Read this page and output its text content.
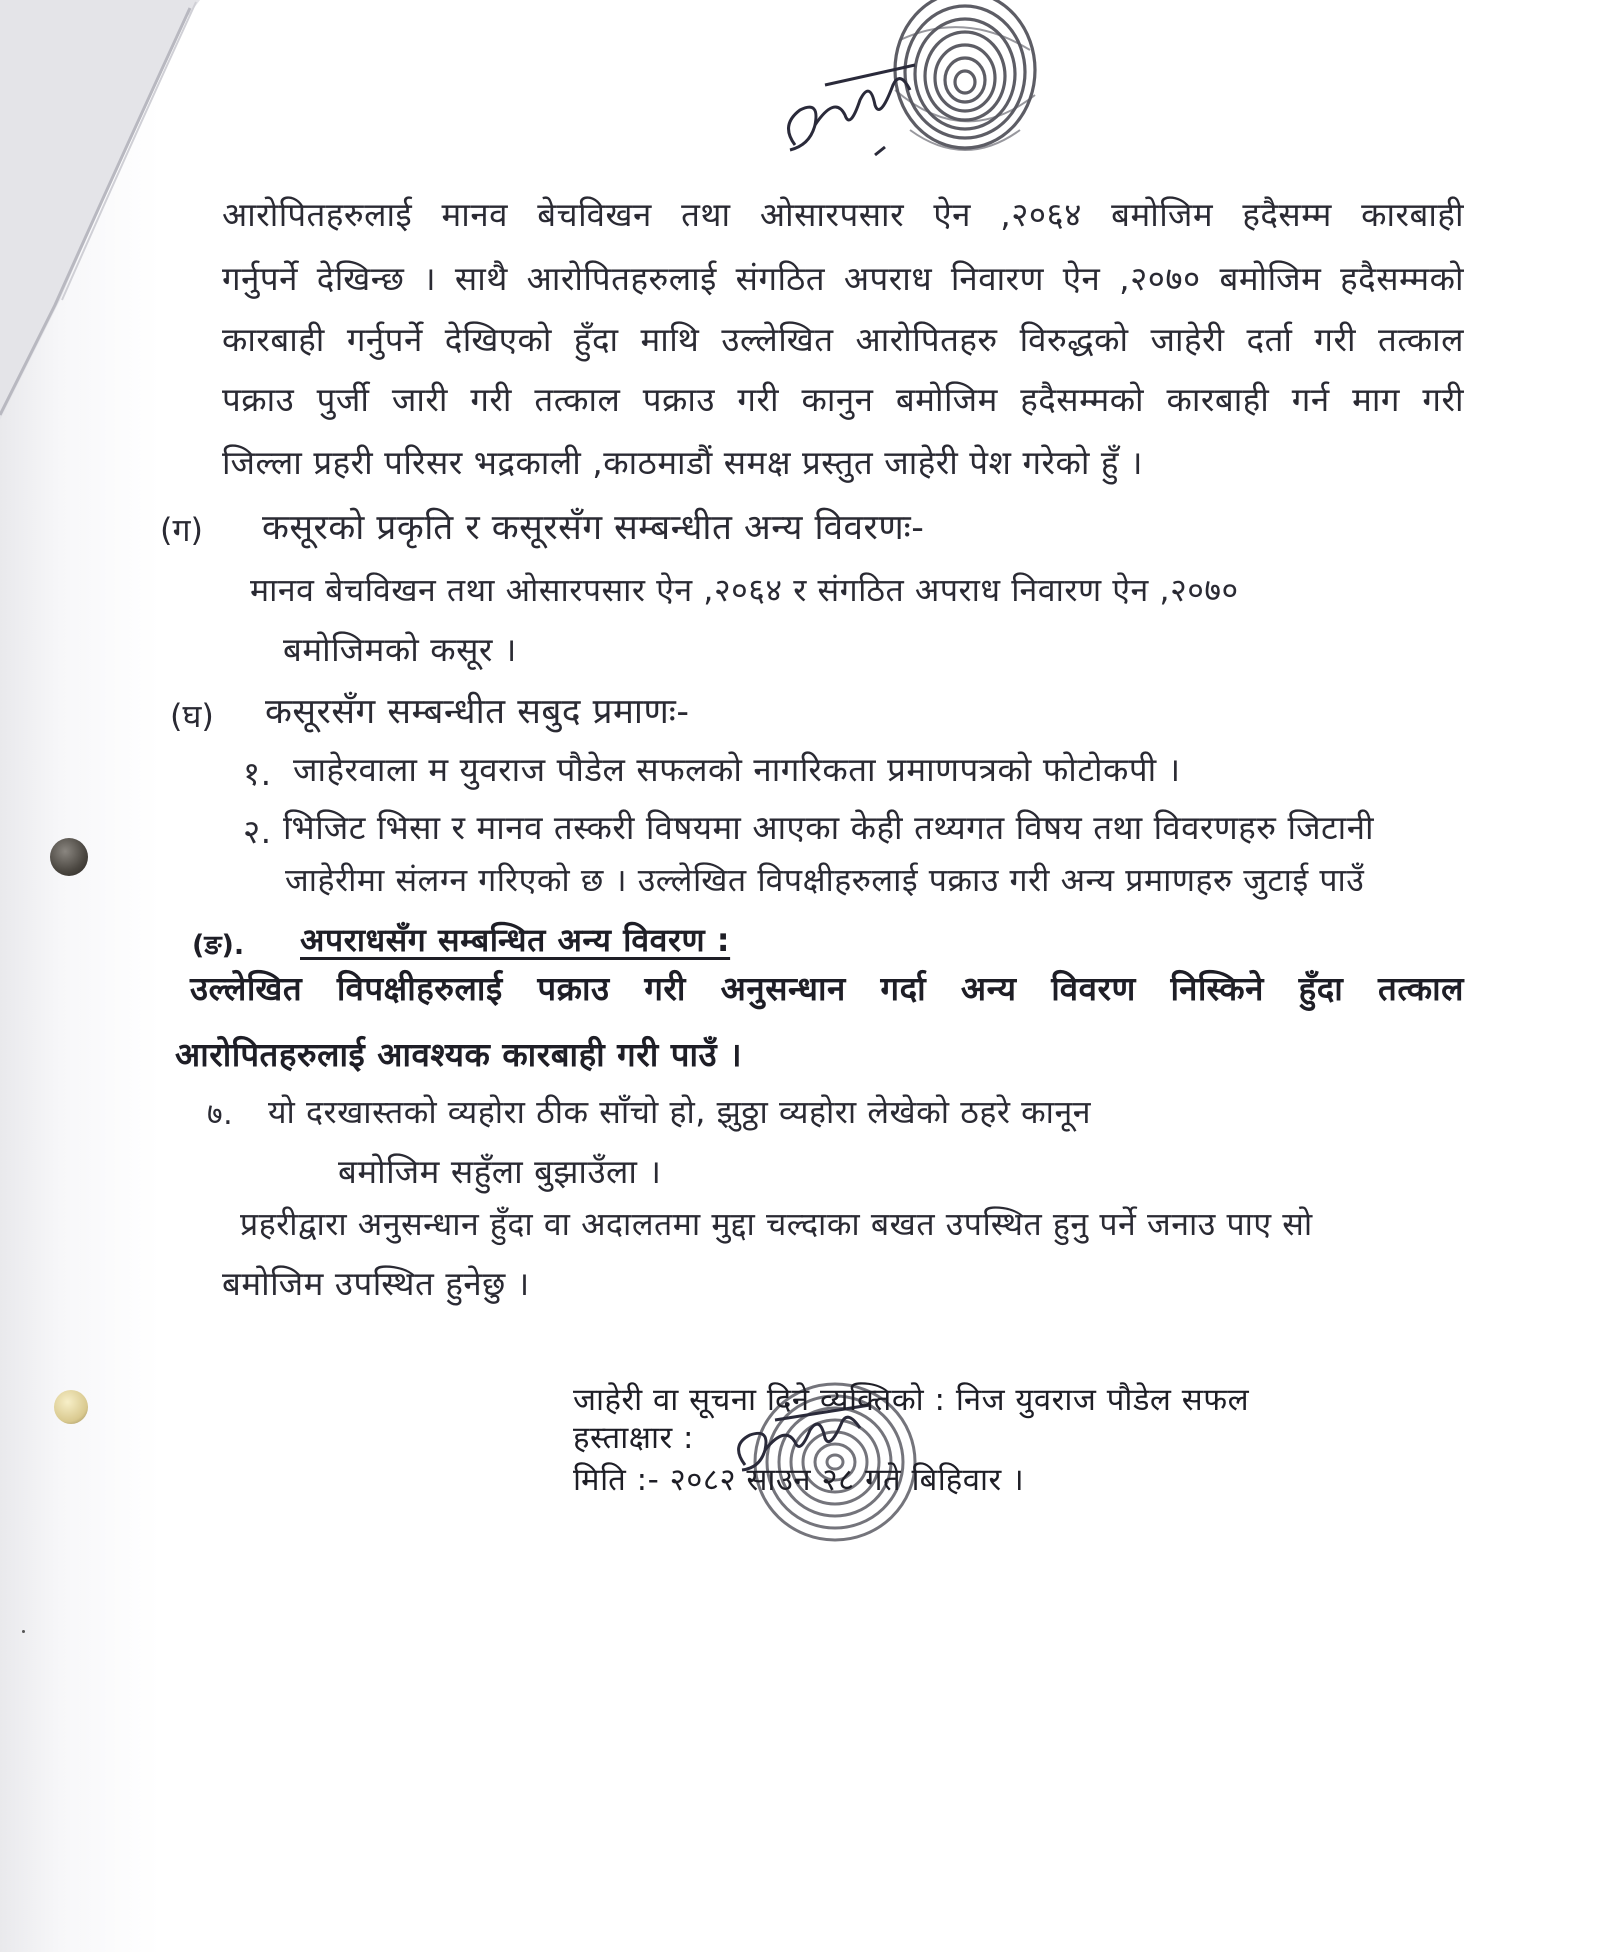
आरोपितहरुलाई मानव बेचविखन तथा ओसारपसार ऐन ,२०६४ बमोजिम हदैसम्म कारबाही
गर्नुपर्ने देखिन्छ । साथै आरोपितहरुलाई संगठित अपराध निवारण ऐन ,२०७० बमोजिम हदैसम्मको
कारबाही गर्नुपर्ने देखिएको हुँदा माथि उल्लेखित आरोपितहरु विरुद्धको जाहेरी दर्ता गरी तत्काल
पक्राउ पुर्जी जारी गरी तत्काल पक्राउ गरी कानुन बमोजिम हदैसम्मको कारबाही गर्न माग गरी
जिल्ला प्रहरी परिसर भद्रकाली ,काठमाडौं समक्ष प्रस्तुत जाहेरी पेश गरेको हुँ ।
(ग) कसूरको प्रकृति र कसूरसँग सम्बन्धीत अन्य विवरणः-
मानव बेचविखन तथा ओसारपसार ऐन ,२०६४ र संगठित अपराध निवारण ऐन ,२०७०
बमोजिमको कसूर ।
(घ) कसूरसँग सम्बन्धीत सबुद प्रमाणः-
१. जाहेरवाला म युवराज पौडेल सफलको नागरिकता प्रमाणपत्रको फोटोकपी ।
२. भिजिट भिसा र मानव तस्करी विषयमा आएका केही तथ्यगत विषय तथा विवरणहरु जिटानी
जाहेरीमा संलग्न गरिएको छ । उल्लेखित विपक्षीहरुलाई पक्राउ गरी अन्य प्रमाणहरु जुटाई पाउँ
(ङ). अपराधसँग सम्बन्धित अन्य विवरण :
उल्लेखित विपक्षीहरुलाई पक्राउ गरी अनुसन्धान गर्दा अन्य विवरण निस्किने हुँदा तत्काल
आरोपितहरुलाई आवश्यक कारबाही गरी पाउँ ।
७. यो दरखास्तको व्यहोरा ठीक साँचो हो, झुठ्ठा व्यहोरा लेखेको ठहरे कानून
बमोजिम सहुँला बुझाउँला ।
प्रहरीद्वारा अनुसन्धान हुँदा वा अदालतमा मुद्दा चल्दाका बखत उपस्थित हुनु पर्ने जनाउ पाए सो
बमोजिम उपस्थित हुनेछु ।
जाहेरी वा सूचना दिने व्यक्तिको : निज युवराज पौडेल सफल
हस्ताक्षार :
मिति :- २०८२ साउन २८ गते बिहिवार ।
